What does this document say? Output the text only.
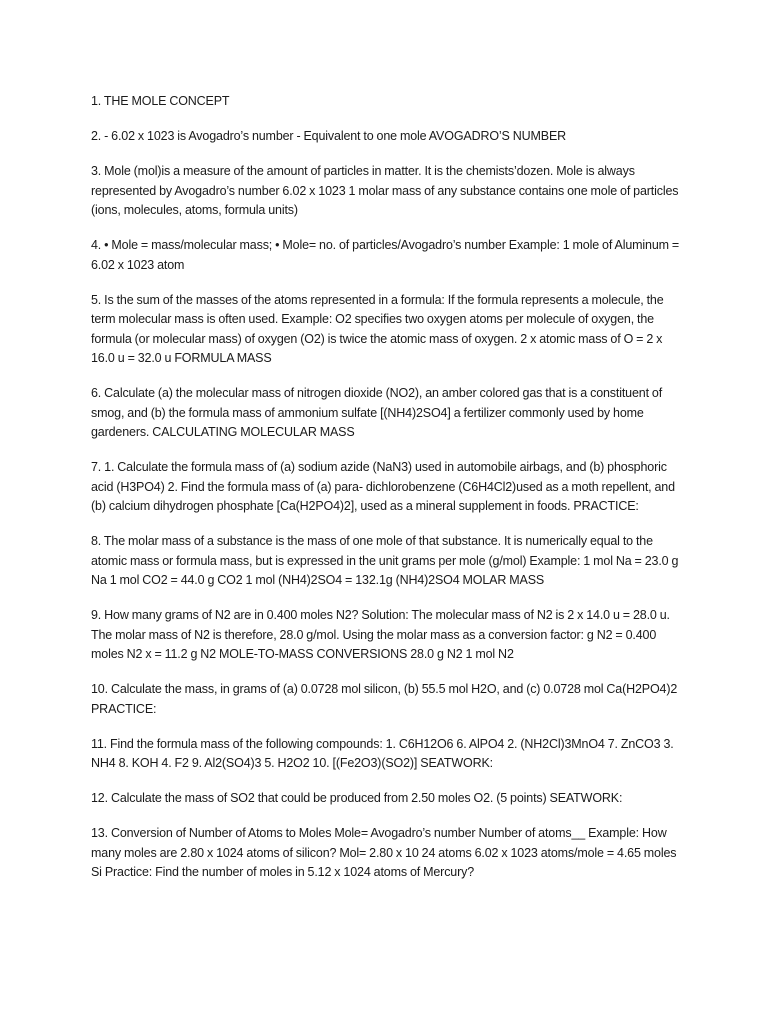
1. THE MOLE CONCEPT

2. - 6.02 x 1023 is Avogadro’s number - Equivalent to one mole AVOGADRO’S NUMBER

3. Mole (mol)is a measure of the amount of particles in matter. It is the chemists’dozen. Mole is always represented by Avogadro’s number 6.02 x 1023 1 molar mass of any substance contains one mole of particles (ions, molecules, atoms, formula units)

4. • Mole = mass/molecular mass; • Mole= no. of particles/Avogadro’s number Example: 1 mole of Aluminum = 6.02 x 1023 atom

5. Is the sum of the masses of the atoms represented in a formula: If the formula represents a molecule, the term molecular mass is often used. Example: O2 specifies two oxygen atoms per molecule of oxygen, the formula (or molecular mass) of oxygen (O2) is twice the atomic mass of oxygen. 2 x atomic mass of O = 2 x 16.0 u = 32.0 u FORMULA MASS

6. Calculate (a) the molecular mass of nitrogen dioxide (NO2), an amber colored gas that is a constituent of smog, and (b) the formula mass of ammonium sulfate [(NH4)2SO4] a fertilizer commonly used by home gardeners. CALCULATING MOLECULAR MASS

7. 1. Calculate the formula mass of (a) sodium azide (NaN3) used in automobile airbags, and (b) phosphoric acid (H3PO4) 2. Find the formula mass of (a) para- dichlorobenzene (C6H4Cl2)used as a moth repellent, and (b) calcium dihydrogen phosphate [Ca(H2PO4)2], used as a mineral supplement in foods. PRACTICE:

8. The molar mass of a substance is the mass of one mole of that substance. It is numerically equal to the atomic mass or formula mass, but is expressed in the unit grams per mole (g/mol) Example: 1 mol Na = 23.0 g Na 1 mol CO2 = 44.0 g CO2 1 mol (NH4)2SO4 = 132.1g (NH4)2SO4 MOLAR MASS

9. How many grams of N2 are in 0.400 moles N2? Solution: The molecular mass of N2 is 2 x 14.0 u = 28.0 u. The molar mass of N2 is therefore, 28.0 g/mol. Using the molar mass as a conversion factor: g N2 = 0.400 moles N2 x = 11.2 g N2 MOLE-TO-MASS CONVERSIONS 28.0 g N2 1 mol N2

10. Calculate the mass, in grams of (a) 0.0728 mol silicon, (b) 55.5 mol H2O, and (c) 0.0728 mol Ca(H2PO4)2 PRACTICE:

11. Find the formula mass of the following compounds: 1. C6H12O6 6. AlPO4 2. (NH2Cl)3MnO4 7. ZnCO3 3. NH4 8. KOH 4. F2 9. Al2(SO4)3 5. H2O2 10. [(Fe2O3)(SO2)] SEATWORK:

12. Calculate the mass of SO2 that could be produced from 2.50 moles O2. (5 points) SEATWORK:

13. Conversion of Number of Atoms to Moles Mole= Avogadro’s number Number of atoms__ Example: How many moles are 2.80 x 1024 atoms of silicon? Mol= 2.80 x 10 24 atoms 6.02 x 1023 atoms/mole = 4.65 moles Si Practice: Find the number of moles in 5.12 x 1024 atoms of Mercury?
